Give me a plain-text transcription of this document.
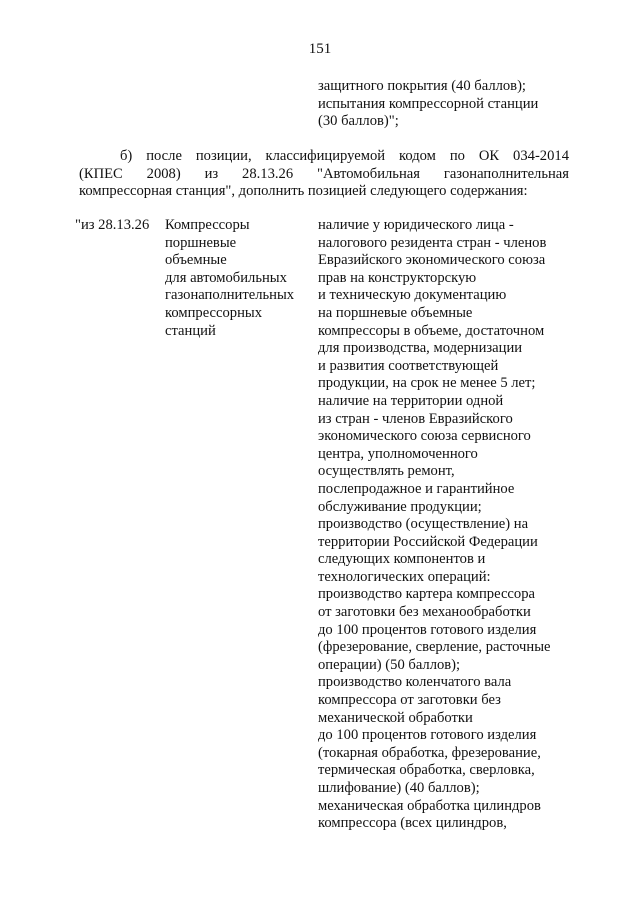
151
защитного покрытия (40 баллов);
испытания компрессорной станции
(30 баллов)";
б) после позиции, классифицируемой кодом по ОК 034-2014
(КПЕС 2008) из 28.13.26 "Автомобильная газонаполнительная
компрессорная станция", дополнить позицией следующего содержания:
"из 28.13.26	Компрессоры
поршневые
объемные
для автомобильных
газонаполнительных
компрессорных
станций
наличие у юридического лица -
налогового резидента стран - членов
Евразийского экономического союза
прав на конструкторскую
и техническую документацию
на поршневые объемные
компрессоры в объеме, достаточном
для производства, модернизации
и развития соответствующей
продукции, на срок не менее 5 лет;
наличие на территории одной
из стран - членов Евразийского
экономического союза сервисного
центра, уполномоченного
осуществлять ремонт,
послепродажное и гарантийное
обслуживание продукции;
производство (осуществление) на
территории Российской Федерации
следующих компонентов и
технологических операций:
производство картера компрессора
от заготовки без механообработки
до 100 процентов готового изделия
(фрезерование, сверление, расточные
операции) (50 баллов);
производство коленчатого вала
компрессора от заготовки без
механической обработки
до 100 процентов готового изделия
(токарная обработка, фрезерование,
термическая обработка, сверловка,
шлифование) (40 баллов);
механическая обработка цилиндров
компрессора (всех цилиндров,
